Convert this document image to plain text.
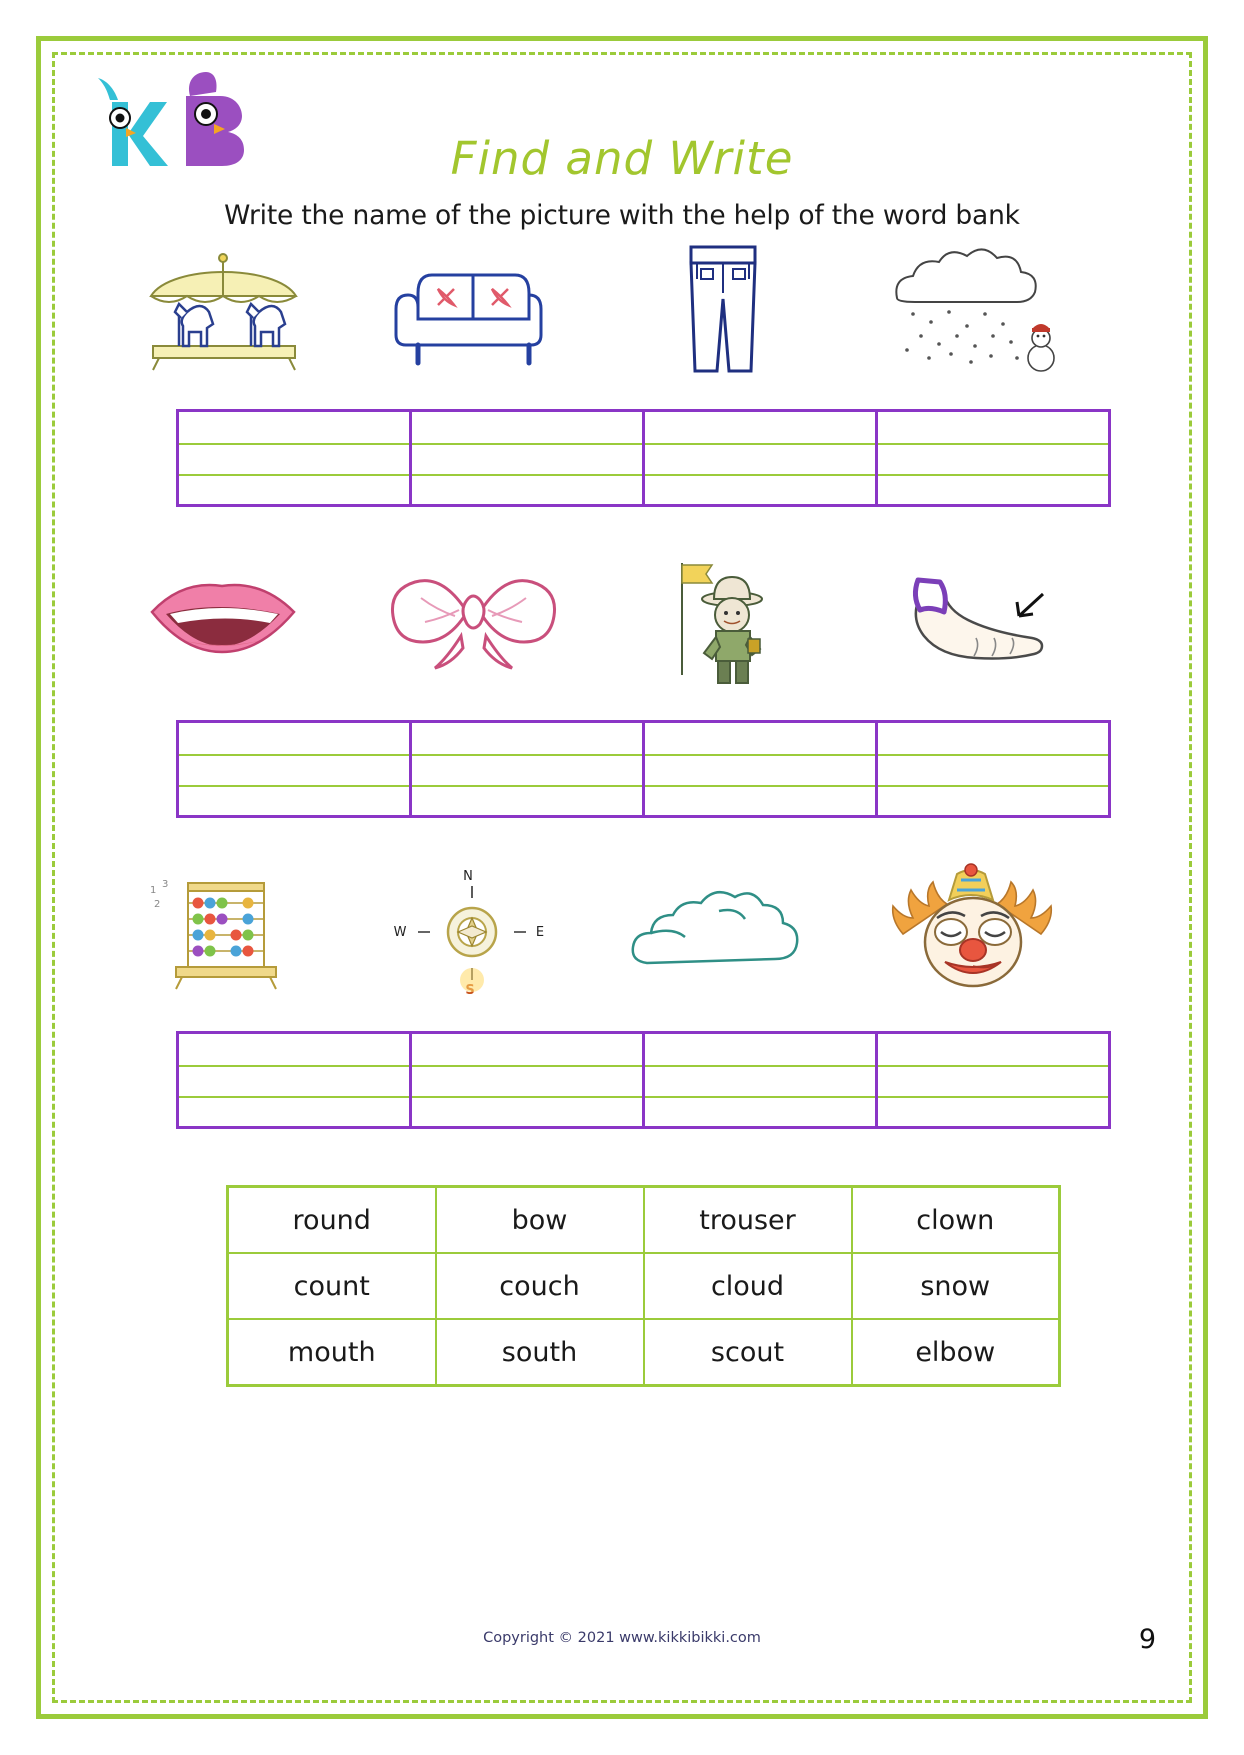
Find and Write
Write the name of the picture with the help of the word bank
1
3
2
N
E
W
round	bow	trouser	clown
count	couch	cloud	snow
mouth	south	scout	elbow
Copyright © 2021 www.kikkibikki.com	9
